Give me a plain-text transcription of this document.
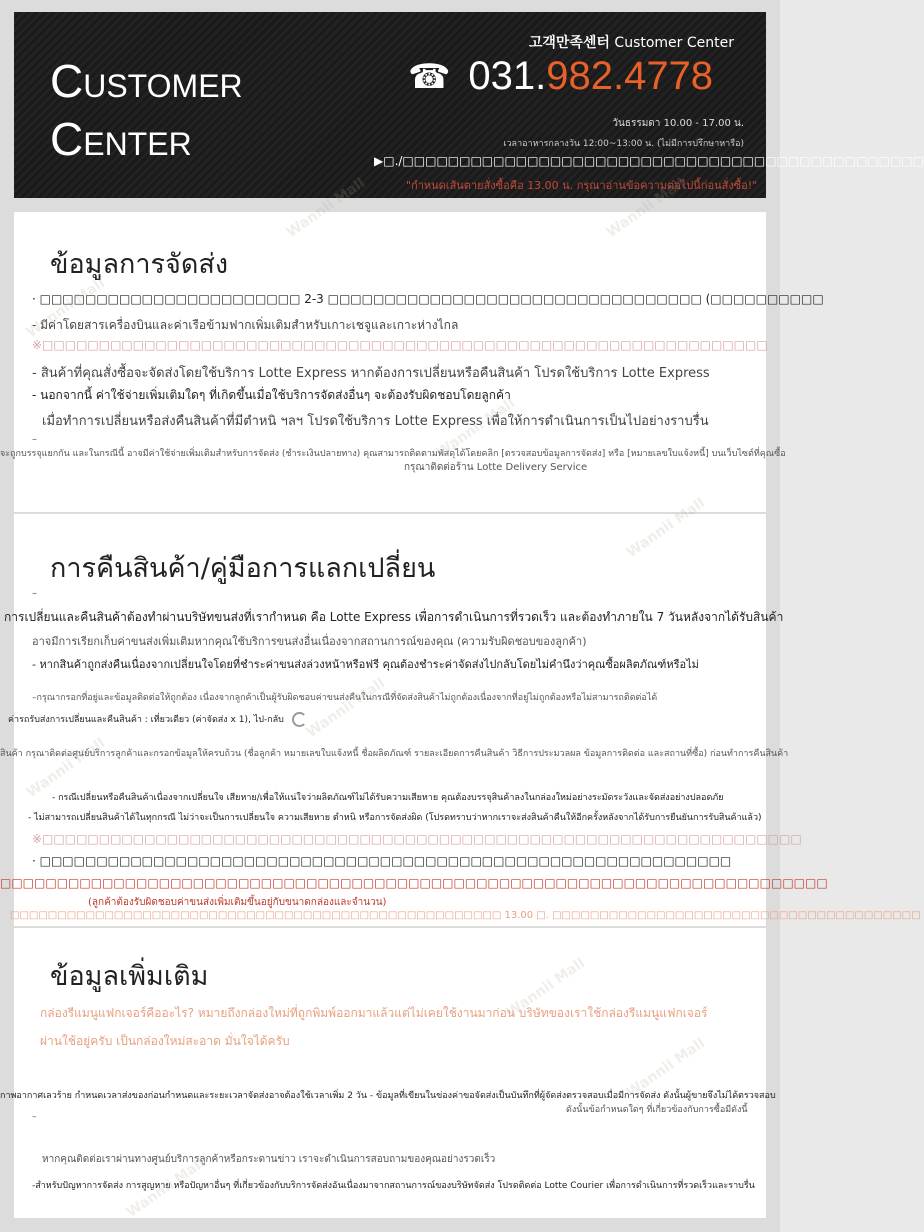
Customer
Center
고객만족센터 Customer Center
☎ 031.982.4778
วันธรรมดา 10.00 - 17.00 น.
เวลาอาหารกลางวัน 12:00~13:00 น. (ไม่มีการปรึกษาหารือ)
▶□./□□□□□□□□□□□□□□□□□□□□□□□□□□□□□□□□□□□□□□□□□□□□□□
"กำหนดเส้นตายสั่งซื้อคือ 13.00 น. กรุณาอ่านข้อความต่อไปนี้ก่อนสั่งซื้อ!"
ข้อมูลการจัดส่ง
· □□□□□□□□□□□□□□□□□□□□□□□ 2-3 □□□□□□□□□□□□□□□□□□□□□□□□□□□□□□□□□ (□□□□□□□□□□
- มีค่าโดยสารเครื่องบินและค่าเรือข้ามฟากเพิ่มเติมสำหรับเกาะเชจูและเกาะห่างไกล
※□□□□□□□□□□□□□□□□□□□□□□□□□□□□□□□□□□□□□□□□□□□□□□□□□□□□□□□□□□□□□□□□
- สินค้าที่คุณสั่งซื้อจะจัดส่งโดยใช้บริการ Lotte Express หากต้องการเปลี่ยนหรือคืนสินค้า โปรดใช้บริการ Lotte Express
- นอกจากนี้ ค่าใช้จ่ายเพิ่มเติมใดๆ ที่เกิดขึ้นเมื่อใช้บริการจัดส่งอื่นๆ จะต้องรับผิดชอบโดยลูกค้า
เมื่อทำการเปลี่ยนหรือส่งคืนสินค้าที่มีตำหนิ ฯลฯ โปรดใช้บริการ Lotte Express เพื่อให้การดำเนินการเป็นไปอย่างราบรื่น
–
จะถูกบรรจุแยกกัน และในกรณีนี้ อาจมีค่าใช้จ่ายเพิ่มเติมสำหรับการจัดส่ง (ชำระเงินปลายทาง) คุณสามารถติดตามพัสดุได้โดยคลิก [ตรวจสอบข้อมูลการจัดส่ง] หรือ [หมายเลขใบแจ้งหนี้] บนเว็บไซต์ที่คุณซื้อ
กรุณาติดต่อร้าน Lotte Delivery Service
การคืนสินค้า/คู่มือการแลกเปลี่ยน
–
การเปลี่ยนและคืนสินค้าต้องทำผ่านบริษัทขนส่งที่เรากำหนด คือ Lotte Express เพื่อการดำเนินการที่รวดเร็ว และต้องทำภายใน 7 วันหลังจากได้รับสินค้า
อาจมีการเรียกเก็บค่าขนส่งเพิ่มเติมหากคุณใช้บริการขนส่งอื่นเนื่องจากสถานการณ์ของคุณ (ความรับผิดชอบของลูกค้า)
- หากสินค้าถูกส่งคืนเนื่องจากเปลี่ยนใจโดยที่ชำระค่าขนส่งล่วงหน้าหรือฟรี คุณต้องชำระค่าจัดส่งไปกลับโดยไม่คำนึงว่าคุณซื้อผลิตภัณฑ์หรือไม่
–กรุณากรอกที่อยู่และข้อมูลติดต่อให้ถูกต้อง เนื่องจากลูกค้าเป็นผู้รับผิดชอบค่าขนส่งคืนในกรณีที่จัดส่งสินค้าไม่ถูกต้องเนื่องจากที่อยู่ไม่ถูกต้องหรือไม่สามารถติดต่อได้
ค่ารถรับส่งการเปลี่ยนและคืนสินค้า : เที่ยวเดียว (ค่าจัดส่ง x 1), ไป-กลับ
สินค้า กรุณาติดต่อศูนย์บริการลูกค้าและกรอกข้อมูลให้ครบถ้วน (ชื่อลูกค้า หมายเลขใบแจ้งหนี้ ชื่อผลิตภัณฑ์ รายละเอียดการคืนสินค้า วิธีการประมวลผล ข้อมูลการติดต่อ และสถานที่ซื้อ) ก่อนทำการคืนสินค้า
- กรณีเปลี่ยนหรือคืนสินค้าเนื่องจากเปลี่ยนใจ เสียหาย/เพื่อให้แน่ใจว่าผลิตภัณฑ์ไม่ได้รับความเสียหาย คุณต้องบรรจุสินค้าลงในกล่องใหม่อย่างระมัดระวังและจัดส่งอย่างปลอดภัย
- ไม่สามารถเปลี่ยนสินค้าได้ในทุกกรณี ไม่ว่าจะเป็นการเปลี่ยนใจ ความเสียหาย ตำหนิ หรือการจัดส่งผิด (โปรดทราบว่าหากเราจะส่งสินค้าคืนให้อีกครั้งหลังจากได้รับการยืนยันการรับสินค้าแล้ว)
※□□□□□□□□□□□□□□□□□□□□□□□□□□□□□□□□□□□□□□□□□□□□□□□□□□□□□□□□□□□□□□□□□□□
· □□□□□□□□□□□□□□□□□□□□□□□□□□□□□□□□□□□□□□□□□□□□□□□□□□□□□□□□□□□□□
□□□□□□□□□□□□□□□□□□□□□□□□□□□□□□□□□□□□□□□□□□□□□□□□□□□□□□□□□□□□□□□□□□□□□□□□□
(ลูกค้าต้องรับผิดชอบค่าขนส่งเพิ่มเติมขึ้นอยู่กับขนาดกล่องและจำนวน)
□□□□□□□□□□□□□□□□□□□□□□□□□□□□□□□□□□□□□□□□□□□□□□□□□□□□ 13.00 □. □□□□□□□□□□□□□□□□□□□□□□□□□□□□□□□□□□□□□□□
ข้อมูลเพิ่มเติม
กล่องรีแมนูแฟกเจอร์คืออะไร? หมายถึงกล่องใหม่ที่ถูกพิมพ์ออกมาแล้วแต่ไม่เคยใช้งานมาก่อน บริษัทของเราใช้กล่องรีแมนูแฟกเจอร์
ผ่านใช้อยู่ครับ เป็นกล่องใหม่สะอาด มั่นใจได้ครับ
กาพอากาศเลวร้าย กำหนดเวลาส่งของก่อนกำหนดและระยะเวลาจัดส่งอาจต้องใช้เวลาเพิ่ม 2 วัน - ข้อมูลที่เขียนในข่องค่าขอจัดส่งเป็นบันทึกที่ผู้จัดส่งตรวจสอบเมื่อมีการจัดส่ง ดังนั้นผู้ขายจึงไม่ได้ตรวจสอบ
ดังนั้นข้อกำหนดใดๆ ที่เกี่ยวข้องกับการซื้อมีดังนี้
–
หากคุณติดต่อเราผ่านทางศูนย์บริการลูกค้าหรือกระดานข่าว เราจะดำเนินการสอบถามของคุณอย่างรวดเร็ว
-สำหรับปัญหาการจัดส่ง การสูญหาย หรือปัญหาอื่นๆ ที่เกี่ยวข้องกับบริการจัดส่งอันเนื่องมาจากสถานการณ์ของบริษัทจัดส่ง โปรดติดต่อ Lotte Courier เพื่อการดำเนินการที่รวดเร็วและราบรื่น
